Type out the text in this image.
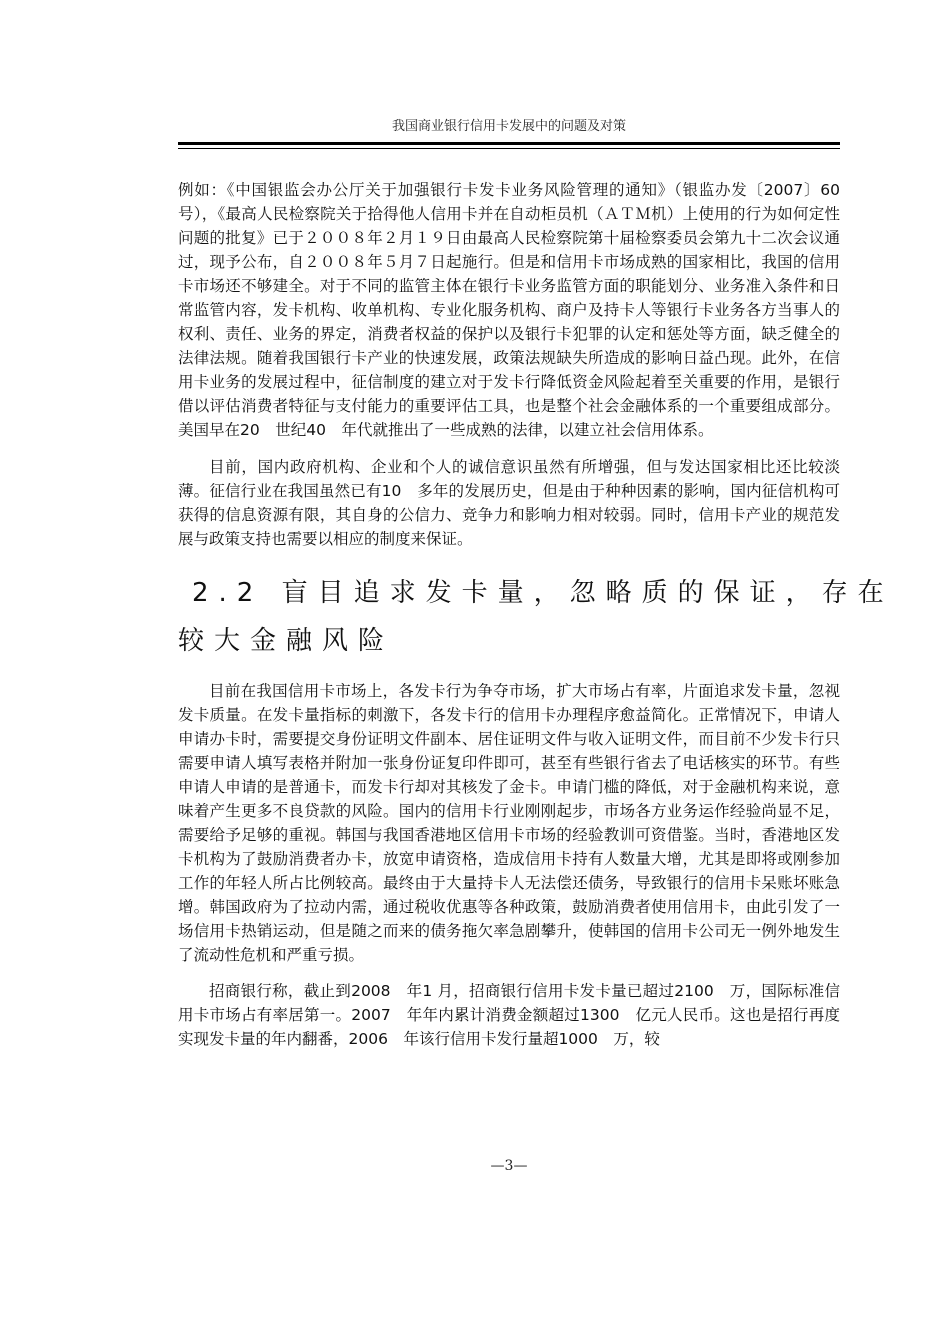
我国商业银行信用卡发展中的问题及对策

例如：《中国银监会办公厅关于加强银行卡发卡业务风险管理的通知》（银监办发〔2007〕60号），《最高人民检察院关于拾得他人信用卡并在自动柜员机（ＡＴＭ机）上使用的行为如何定性问题的批复》已于２００８年２月１９日由最高人民检察院第十届检察委员会第九十二次会议通过，现予公布，自２００８年５月７日起施行。但是和信用卡市场成熟的国家相比，我国的信用卡市场还不够建全。对于不同的监管主体在银行卡业务监管方面的职能划分、业务准入条件和日常监管内容，发卡机构、收单机构、专业化服务机构、商户及持卡人等银行卡业务各方当事人的权利、责任、业务的界定，消费者权益的保护以及银行卡犯罪的认定和惩处等方面，缺乏健全的法律法规。随着我国银行卡产业的快速发展，政策法规缺失所造成的影响日益凸现。此外，在信用卡业务的发展过程中，征信制度的建立对于发卡行降低资金风险起着至关重要的作用，是银行借以评估消费者特征与支付能力的重要评估工具，也是整个社会金融体系的一个重要组成部分。美国早在20　世纪40　年代就推出了一些成熟的法律，以建立社会信用体系。

目前，国内政府机构、企业和个人的诚信意识虽然有所增强，但与发达国家相比还比较淡薄。征信行业在我国虽然已有10　多年的发展历史，但是由于种种因素的影响，国内征信机构可获得的信息资源有限，其自身的公信力、竞争力和影响力相对较弱。同时，信用卡产业的规范发展与政策支持也需要以相应的制度来保证。

2.2 盲目追求发卡量，忽略质的保证，存在
较大金融风险

目前在我国信用卡市场上，各发卡行为争夺市场，扩大市场占有率，片面追求发卡量，忽视发卡质量。在发卡量指标的刺激下，各发卡行的信用卡办理程序愈益简化。正常情况下，申请人申请办卡时，需要提交身份证明文件副本、居住证明文件与收入证明文件，而目前不少发卡行只需要申请人填写表格并附加一张身份证复印件即可，甚至有些银行省去了电话核实的环节。有些申请人申请的是普通卡，而发卡行却对其核发了金卡。申请门槛的降低，对于金融机构来说，意味着产生更多不良贷款的风险。国内的信用卡行业刚刚起步，市场各方业务运作经验尚显不足，需要给予足够的重视。韩国与我国香港地区信用卡市场的经验教训可资借鉴。当时，香港地区发卡机构为了鼓励消费者办卡，放宽申请资格，造成信用卡持有人数量大增，尤其是即将或刚参加工作的年轻人所占比例较高。最终由于大量持卡人无法偿还债务，导致银行的信用卡呆账坏账急增。韩国政府为了拉动内需，通过税收优惠等各种政策，鼓励消费者使用信用卡，由此引发了一场信用卡热销运动，但是随之而来的债务拖欠率急剧攀升，使韩国的信用卡公司无一例外地发生了流动性危机和严重亏损。

招商银行称，截止到2008　年1 月，招商银行信用卡发卡量已超过2100　万，国际标准信用卡市场占有率居第一。2007　年年内累计消费金额超过1300　亿元人民币。这也是招行再度实现发卡量的年内翻番，2006　年该行信用卡发行量超1000　万，较

—3—
